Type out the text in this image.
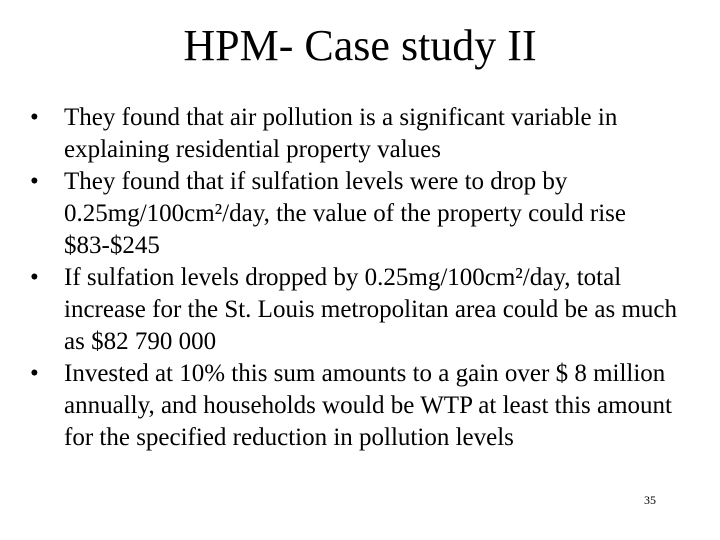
HPM- Case study II
• They found that air pollution is a significant variable in explaining residential property values
• They found that if sulfation levels were to drop by 0.25mg/100cm²/day, the value of the property could rise $83-$245
• If sulfation levels dropped by 0.25mg/100cm²/day, total increase for the St. Louis metropolitan area could be as much as $82 790 000
• Invested at 10% this sum amounts to a gain over $ 8 million annually, and households would be WTP at least this amount for the specified reduction in pollution levels
35
